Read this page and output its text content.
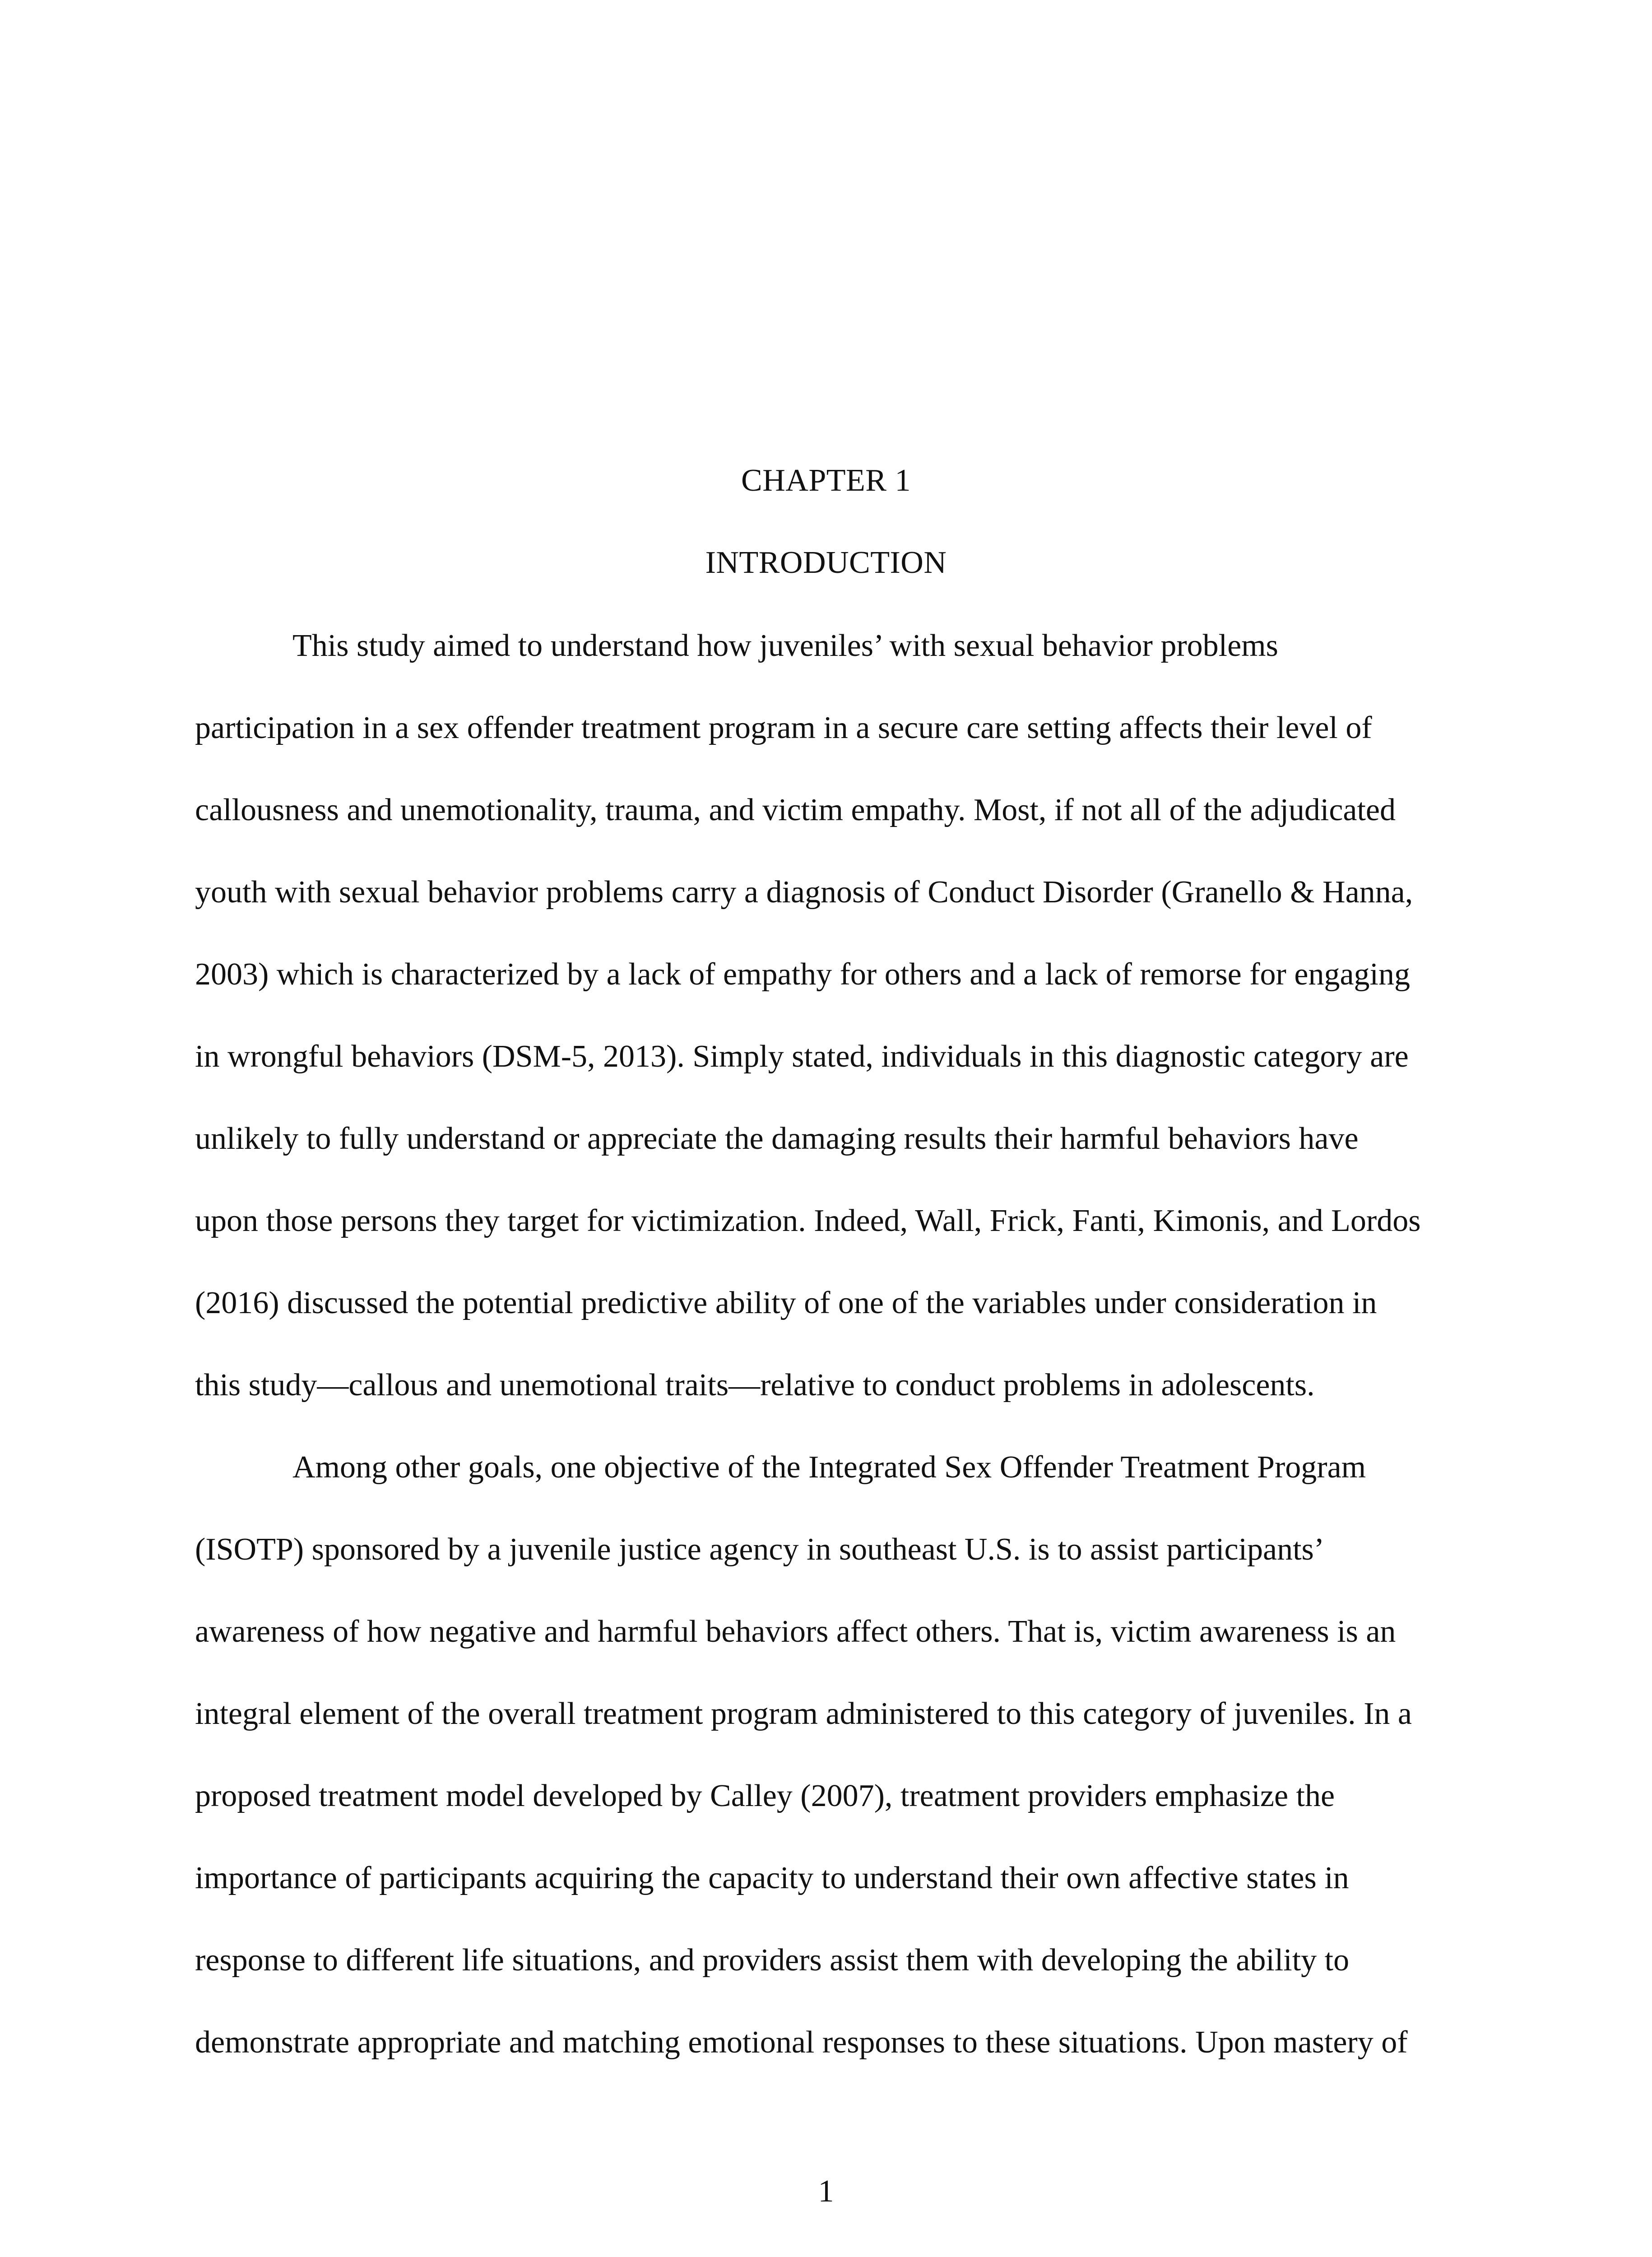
CHAPTER 1
INTRODUCTION
This study aimed to understand how juveniles’ with sexual behavior problems
participation in a sex offender treatment program in a secure care setting affects their level of
callousness and unemotionality, trauma, and victim empathy. Most, if not all of the adjudicated
youth with sexual behavior problems carry a diagnosis of Conduct Disorder (Granello & Hanna,
2003) which is characterized by a lack of empathy for others and a lack of remorse for engaging
in wrongful behaviors (DSM-5, 2013). Simply stated, individuals in this diagnostic category are
unlikely to fully understand or appreciate the damaging results their harmful behaviors have
upon those persons they target for victimization. Indeed, Wall, Frick, Fanti, Kimonis, and Lordos
(2016) discussed the potential predictive ability of one of the variables under consideration in
this study—callous and unemotional traits—relative to conduct problems in adolescents.
Among other goals, one objective of the Integrated Sex Offender Treatment Program
(ISOTP) sponsored by a juvenile justice agency in southeast U.S. is to assist participants’
awareness of how negative and harmful behaviors affect others. That is, victim awareness is an
integral element of the overall treatment program administered to this category of juveniles. In a
proposed treatment model developed by Calley (2007), treatment providers emphasize the
importance of participants acquiring the capacity to understand their own affective states in
response to different life situations, and providers assist them with developing the ability to
demonstrate appropriate and matching emotional responses to these situations. Upon mastery of
1
